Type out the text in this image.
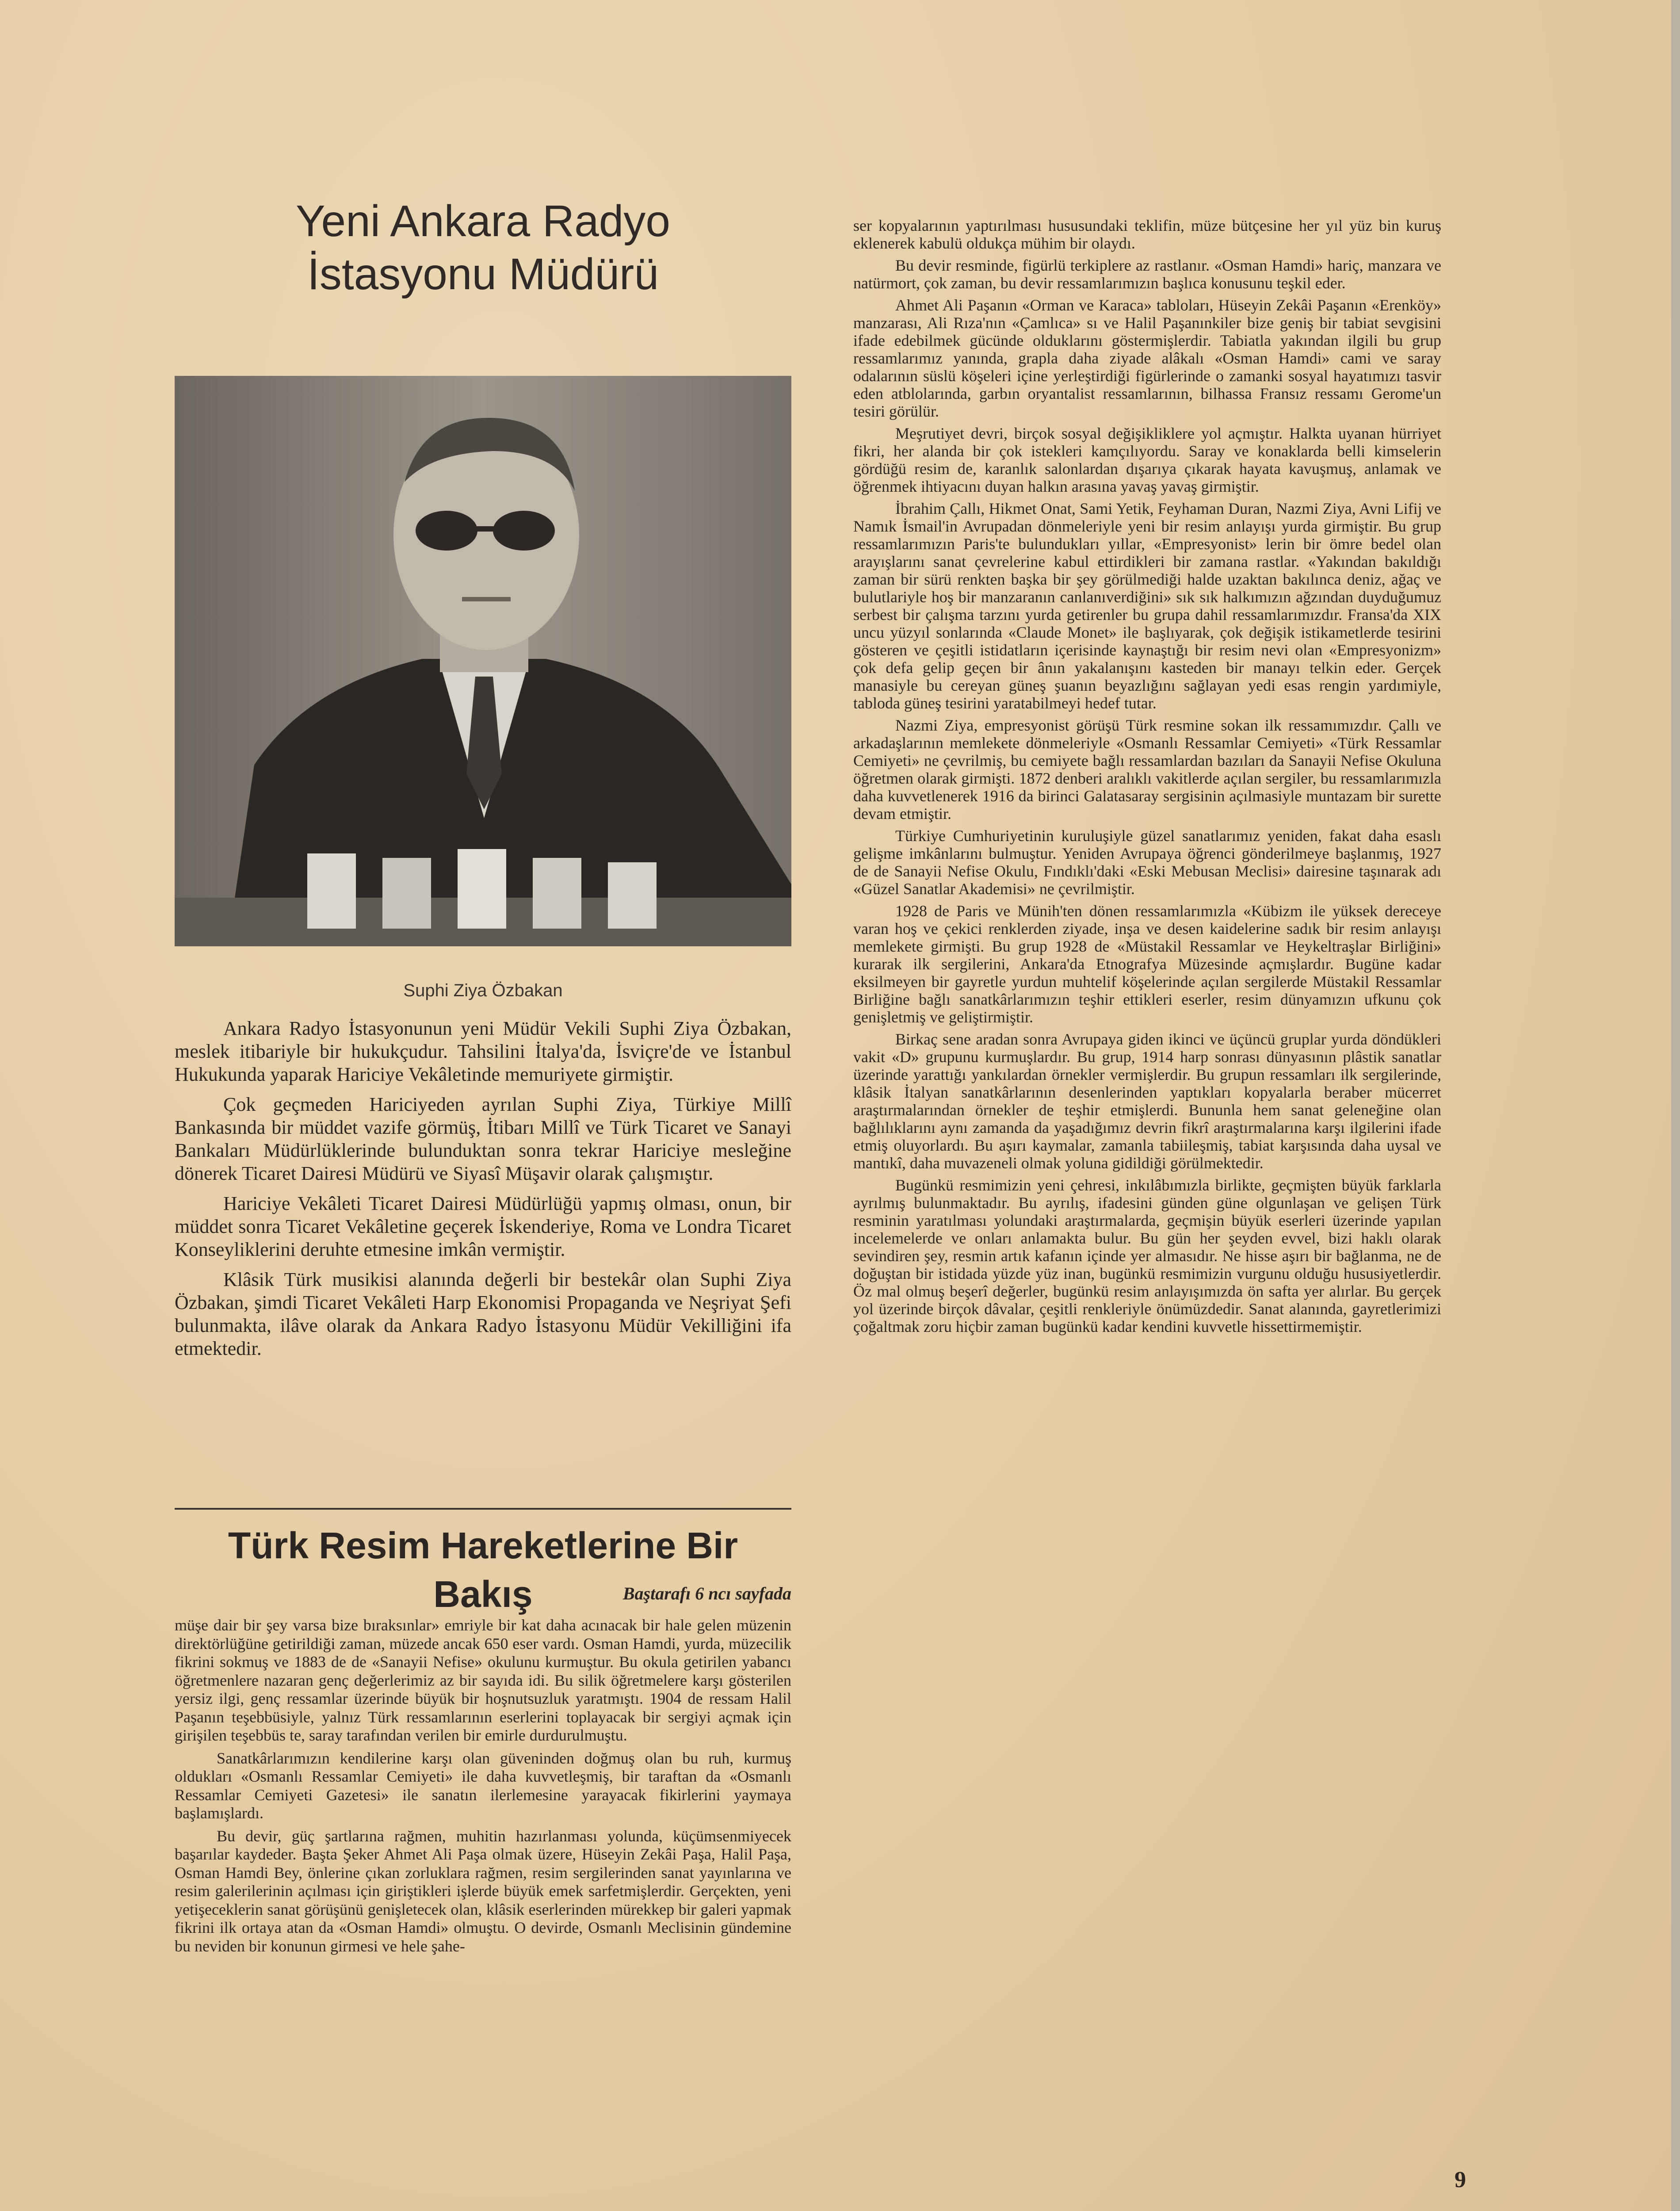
Yeni Ankara Radyo
İstasyonu Müdürü
Suphi Ziya Özbakan

Ankara Radyo İstasyonunun yeni Müdür Vekili Suphi Ziya Özbakan, meslek itibariyle bir hukukçudur. Tahsilini İtalya'da, İsviçre'de ve İstanbul Hukukunda yaparak Hariciye Vekâletinde memuriyete girmiştir.

Çok geçmeden Hariciyeden ayrılan Suphi Ziya, Türkiye Millî Bankasında bir müddet vazife görmüş, İtibarı Millî ve Türk Ticaret ve Sanayi Bankaları Müdürlüklerinde bulunduktan sonra tekrar Hariciye mesleğine dönerek Ticaret Dairesi Müdürü ve Siyasî Müşavir olarak çalışmıştır.

Hariciye Vekâleti Ticaret Dairesi Müdürlüğü yapmış olması, onun, bir müddet sonra Ticaret Vekâletine geçerek İskenderiye, Roma ve Londra Ticaret Konseyliklerini deruhte etmesine imkân vermiştir.

Klâsik Türk musikisi alanında değerli bir bestekâr olan Suphi Ziya Özbakan, şimdi Ticaret Vekâleti Harp Ekonomisi Propaganda ve Neşriyat Şefi bulunmakta, ilâve olarak da Ankara Radyo İstasyonu Müdür Vekilliğini ifa etmektedir.

Türk Resim Hareketlerine Bir Bakış	Baştarafı 6 ncı sayfada

müşe dair bir şey varsa bize bıraksınlar» emriyle bir kat daha acınacak bir hale gelen müzenin direktörlüğüne getirildiği zaman, müzede ancak 650 eser vardı. Osman Hamdi, yurda, müzecilik fikrini sokmuş ve 1883 de de «Sanayii Nefise» okulunu kurmuştur. Bu okula getirilen yabancı öğretmenlere nazaran genç değerlerimiz az bir sayıda idi. Bu silik öğretmelere karşı gösterilen yersiz ilgi, genç ressamlar üzerinde büyük bir hoşnutsuzluk yaratmıştı. 1904 de ressam Halil Paşanın teşebbüsiyle, yalnız Türk ressamlarının eserlerini toplayacak bir sergiyi açmak için girişilen teşebbüs te, saray tarafından verilen bir emirle durdurulmuştu.

Sanatkârlarımızın kendilerine karşı olan güveninden doğmuş olan bu ruh, kurmuş oldukları «Osmanlı Ressamlar Cemiyeti» ile daha kuvvetleşmiş, bir taraftan da «Osmanlı Ressamlar Cemiyeti Gazetesi» ile sanatın ilerlemesine yarayacak fikirlerini yaymaya başlamışlardı.

Bu devir, güç şartlarına rağmen, muhitin hazırlanması yolunda, küçümsenmiyecek başarılar kaydeder. Başta Şeker Ahmet Ali Paşa olmak üzere, Hüseyin Zekâi Paşa, Halil Paşa, Osman Hamdi Bey, önlerine çıkan zorluklara rağmen, resim sergilerinden sanat yayınlarına ve resim galerilerinin açılması için giriştikleri işlerde büyük emek sarfetmişlerdir. Gerçekten, yeni yetişeceklerin sanat görüşünü genişletecek olan, klâsik eserlerinden mürekkep bir galeri yapmak fikrini ilk ortaya atan da «Osman Hamdi» olmuştu. O devirde, Osmanlı Meclisinin gündemine bu neviden bir konunun girmesi ve hele şahe-

ser kopyalarının yaptırılması hususundaki teklifin, müze bütçesine her yıl yüz bin kuruş eklenerek kabulü oldukça mühim bir olaydı.

Bu devir resminde, figürlü terkiplere az rastlanır. «Osman Hamdi» hariç, manzara ve natürmort, çok zaman, bu devir ressamlarımızın başlıca konusunu teşkil eder.

Ahmet Ali Paşanın «Orman ve Karaca» tabloları, Hüseyin Zekâi Paşanın «Erenköy» manzarası, Ali Rıza'nın «Çamlıca» sı ve Halil Paşanınkiler bize geniş bir tabiat sevgisini ifade edebilmek gücünde olduklarını göstermişlerdir. Tabiatla yakından ilgili bu grup ressamlarımız yanında, grapla daha ziyade alâkalı «Osman Hamdi» cami ve saray odalarının süslü köşeleri içine yerleştirdiği figürlerinde o zamanki sosyal hayatımızı tasvir eden atblolarında, garbın oryantalist ressamlarının, bilhassa Fransız ressamı Gerome'un tesiri görülür.

Meşrutiyet devri, birçok sosyal değişikliklere yol açmıştır. Halkta uyanan hürriyet fikri, her alanda bir çok istekleri kamçılıyordu. Saray ve konaklarda belli kimselerin gördüğü resim de, karanlık salonlardan dışarıya çıkarak hayata kavuşmuş, anlamak ve öğrenmek ihtiyacını duyan halkın arasına yavaş yavaş girmiştir.

İbrahim Çallı, Hikmet Onat, Sami Yetik, Feyhaman Duran, Nazmi Ziya, Avni Lifij ve Namık İsmail'in Avrupadan dönmeleriyle yeni bir resim anlayışı yurda girmiştir. Bu grup ressamlarımızın Paris'te bulundukları yıllar, «Empresyonist» lerin bir ömre bedel olan arayışlarını sanat çevrelerine kabul ettirdikleri bir zamana rastlar. «Yakından bakıldığı zaman bir sürü renkten başka bir şey görülmediği halde uzaktan bakılınca deniz, ağaç ve bulutlariyle hoş bir manzaranın canlanıverdiğini» sık sık halkımızın ağzından duyduğumuz serbest bir çalışma tarzını yurda getirenler bu grupa dahil ressamlarımızdır. Fransa'da XIX uncu yüzyıl sonlarında «Claude Monet» ile başlıyarak, çok değişik istikametlerde tesirini gösteren ve çeşitli istidatların içerisinde kaynaştığı bir resim nevi olan «Empresyonizm» çok defa gelip geçen bir ânın yakalanışını kasteden bir manayı telkin eder. Gerçek manasiyle bu cereyan güneş şuanın beyazlığını sağlayan yedi esas rengin yardımiyle, tabloda güneş tesirini yaratabilmeyi hedef tutar.

Nazmi Ziya, empresyonist görüşü Türk resmine sokan ilk ressamımızdır. Çallı ve arkadaşlarının memlekete dönmeleriyle «Osmanlı Ressamlar Cemiyeti» «Türk Ressamlar Cemiyeti» ne çevrilmiş, bu cemiyete bağlı ressamlardan bazıları da Sanayii Nefise Okuluna öğretmen olarak girmişti. 1872 denberi aralıklı vakitlerde açılan sergiler, bu ressamlarımızla daha kuvvetlenerek 1916 da birinci Galatasaray sergisinin açılmasiyle muntazam bir surette devam etmiştir.

Türkiye Cumhuriyetinin kuruluşiyle güzel sanatlarımız yeniden, fakat daha esaslı gelişme imkânlarını bulmuştur. Yeniden Avrupaya öğrenci gönderilmeye başlanmış, 1927 de de Sanayii Nefise Okulu, Fındıklı'daki «Eski Mebusan Meclisi» dairesine taşınarak adı «Güzel Sanatlar Akademisi» ne çevrilmiştir.

1928 de Paris ve Münih'ten dönen ressamlarımızla «Kübizm ile yüksek dereceye varan hoş ve çekici renklerden ziyade, inşa ve desen kaidelerine sadık bir resim anlayışı memlekete girmişti. Bu grup 1928 de «Müstakil Ressamlar ve Heykeltraşlar Birliğini» kurarak ilk sergilerini, Ankara'da Etnografya Müzesinde açmışlardır. Bugüne kadar eksilmeyen bir gayretle yurdun muhtelif köşelerinde açılan sergilerde Müstakil Ressamlar Birliğine bağlı sanatkârlarımızın teşhir ettikleri eserler, resim dünyamızın ufkunu çok genişletmiş ve geliştirmiştir.

Birkaç sene aradan sonra Avrupaya giden ikinci ve üçüncü gruplar yurda döndükleri vakit «D» grupunu kurmuşlardır. Bu grup, 1914 harp sonrası dünyasının plâstik sanatlar üzerinde yarattığı yankılardan örnekler vermişlerdir. Bu grupun ressamları ilk sergilerinde, klâsik İtalyan sanatkârlarının desenlerinden yaptıkları kopyalarla beraber mücerret araştırmalarından örnekler de teşhir etmişlerdi. Bununla hem sanat geleneğine olan bağlılıklarını aynı zamanda da yaşadığımız devrin fikrî araştırmalarına karşı ilgilerini ifade etmiş oluyorlardı. Bu aşırı kaymalar, zamanla tabiileşmiş, tabiat karşısında daha uysal ve mantıkî, daha muvazeneli olmak yoluna gidildiği görülmektedir.

Bugünkü resmimizin yeni çehresi, inkılâbımızla birlikte, geçmişten büyük farklarla ayrılmış bulunmaktadır. Bu ayrılış, ifadesini günden güne olgunlaşan ve gelişen Türk resminin yaratılması yolundaki araştırmalarda, geçmişin büyük eserleri üzerinde yapılan incelemelerde ve onları anlamakta bulur. Bu gün her şeyden evvel, bizi haklı olarak sevindiren şey, resmin artık kafanın içinde yer almasıdır. Ne hisse aşırı bir bağlanma, ne de doğuştan bir istidada yüzde yüz inan, bugünkü resmimizin vurgunu olduğu hususiyetlerdir. Öz mal olmuş beşerî değerler, bugünkü resim anlayışımızda ön safta yer alırlar. Bu gerçek yol üzerinde birçok dâvalar, çeşitli renkleriyle önümüzdedir. Sanat alanında, gayretlerimizi çoğaltmak zoru hiçbir zaman bugünkü kadar kendini kuvvetle hissettirmemiştir.

9
